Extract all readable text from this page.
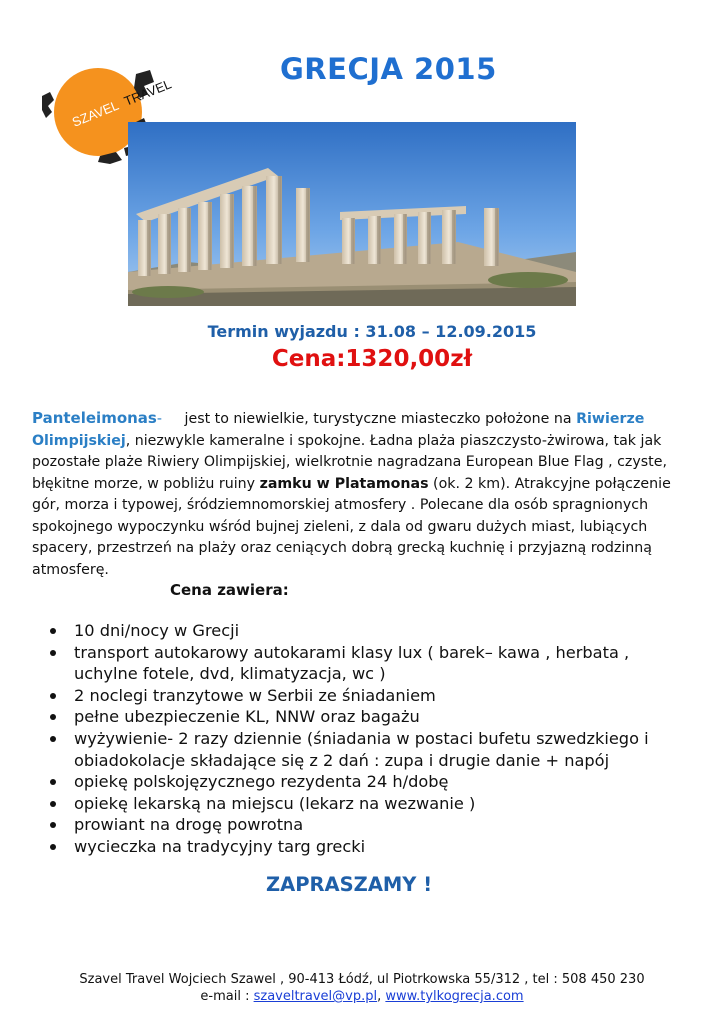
SZAVEL
TRAVEL
GRECJA 2015
Termin wyjazdu : 31.08 – 12.09.2015
Cena:1320,00zł

Panteleimonas- jest to niewielkie, turystyczne miasteczko położone na Riwierze Olimpijskiej, niezwykle kameralne i spokojne. Ładna plaża piaszczysto-żwirowa, tak jak pozostałe plaże Riwiery Olimpijskiej, wielkrotnie nagradzana European Blue Flag , czyste, błękitne morze, w pobliżu ruiny zamku w Platamonas (ok. 2 km). Atrakcyjne połączenie gór, morza i typowej, śródziemnomorskiej atmosfery . Polecane dla osób spragnionych spokojnego wypoczynku wśród bujnej zieleni, z dala od gwaru dużych miast, lubiących spacery, przestrzeń na plaży oraz ceniących dobrą grecką kuchnię i przyjazną rodzinną atmosferę.

Cena zawiera:
10 dni/nocy w Grecji
transport autokarowy autokarami klasy lux ( barek– kawa , herbata , uchylne fotele, dvd, klimatyzacja, wc )
2 noclegi tranzytowe w Serbii ze śniadaniem
pełne ubezpieczenie KL, NNW oraz bagażu
wyżywienie- 2 razy dziennie (śniadania w postaci bufetu szwedzkiego i obiadokolacje składające się z 2 dań : zupa i drugie danie + napój
opiekę polskojęzycznego rezydenta 24 h/dobę
opiekę lekarską na miejscu (lekarz na wezwanie )
prowiant na drogę powrotna
wycieczka na tradycyjny targ grecki
ZAPRASZAMY !
Szavel Travel Wojciech Szawel , 90-413 Łódź, ul Piotrkowska 55/312 , tel : 508 450 230
e-mail : szaveltravel@vp.pl, www.tylkogrecja.com
